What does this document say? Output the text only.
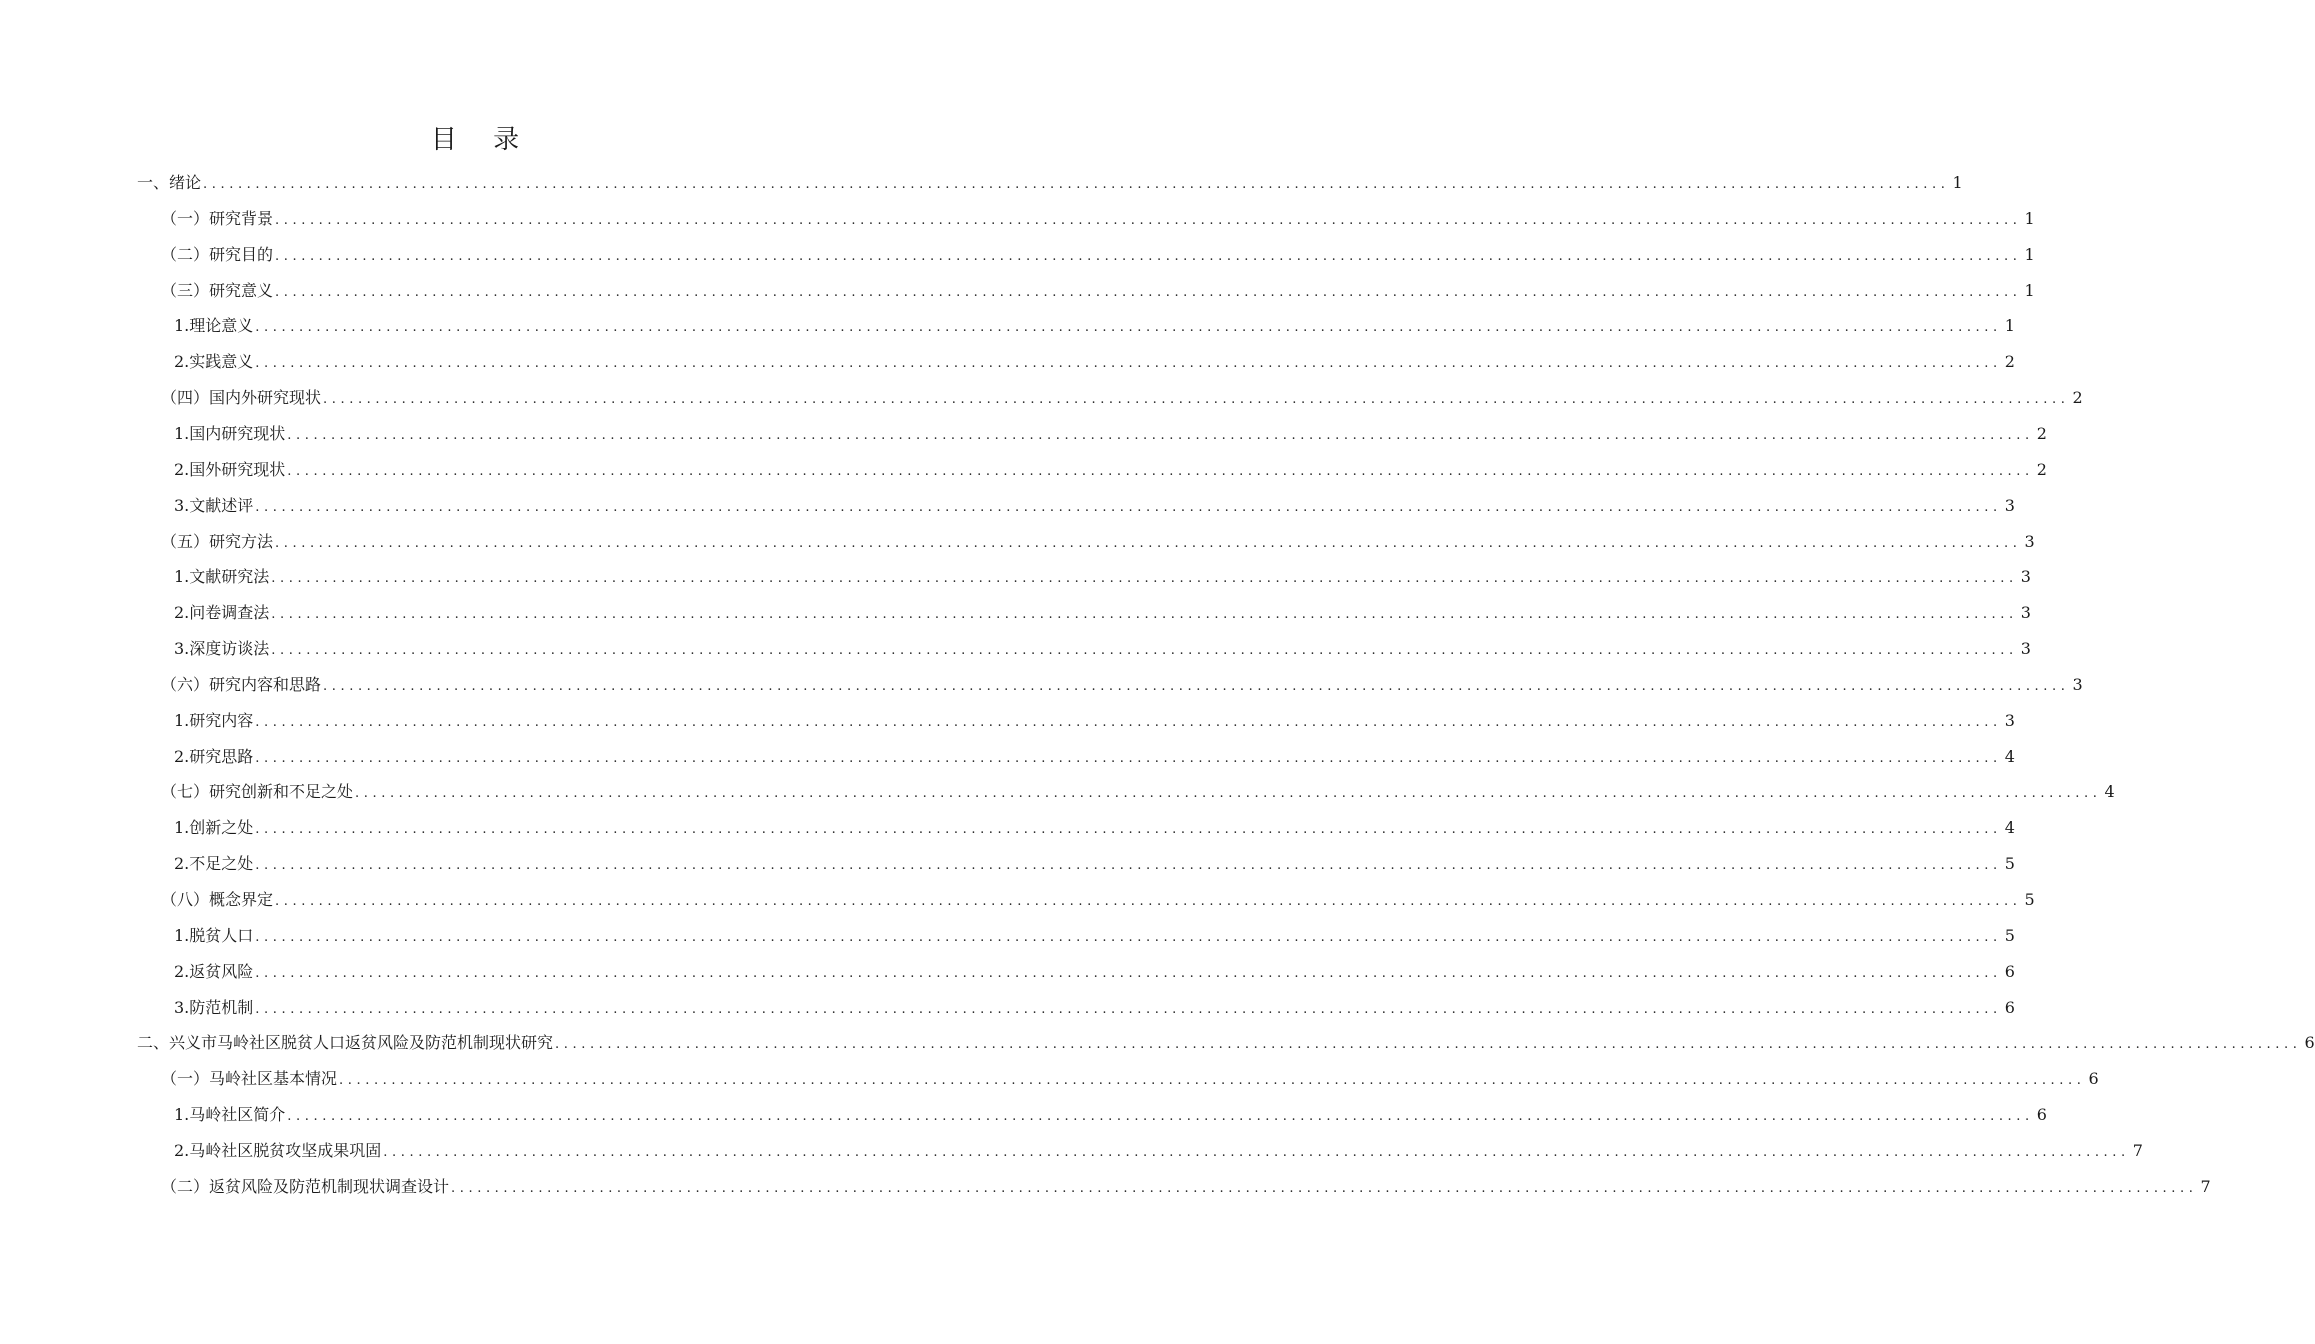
目 录
一、绪论 ........................................................................................................................................................................................................ 1
（一）研究背景 ........................................................................................................................................................................................................ 1
（二）研究目的 ........................................................................................................................................................................................................ 1
（三）研究意义 ........................................................................................................................................................................................................ 1
1.理论意义 ........................................................................................................................................................................................................ 1
2.实践意义 ........................................................................................................................................................................................................ 2
（四）国内外研究现状 ........................................................................................................................................................................................................ 2
1.国内研究现状 ........................................................................................................................................................................................................ 2
2.国外研究现状 ........................................................................................................................................................................................................ 2
3.文献述评 ........................................................................................................................................................................................................ 3
（五）研究方法 ........................................................................................................................................................................................................ 3
1.文献研究法 ........................................................................................................................................................................................................ 3
2.问卷调查法 ........................................................................................................................................................................................................ 3
3.深度访谈法 ........................................................................................................................................................................................................ 3
（六）研究内容和思路 ........................................................................................................................................................................................................ 3
1.研究内容 ........................................................................................................................................................................................................ 3
2.研究思路 ........................................................................................................................................................................................................ 4
（七）研究创新和不足之处 ........................................................................................................................................................................................................ 4
1.创新之处 ........................................................................................................................................................................................................ 4
2.不足之处 ........................................................................................................................................................................................................ 5
（八）概念界定 ........................................................................................................................................................................................................ 5
1.脱贫人口 ........................................................................................................................................................................................................ 5
2.返贫风险 ........................................................................................................................................................................................................ 6
3.防范机制 ........................................................................................................................................................................................................ 6
二、兴义市马岭社区脱贫人口返贫风险及防范机制现状研究 ........................................................................................................................................................................................................ 6
（一）马岭社区基本情况 ........................................................................................................................................................................................................ 6
1.马岭社区简介 ........................................................................................................................................................................................................ 6
2.马岭社区脱贫攻坚成果巩固 ........................................................................................................................................................................................................ 7
（二）返贫风险及防范机制现状调查设计 ........................................................................................................................................................................................................ 7
